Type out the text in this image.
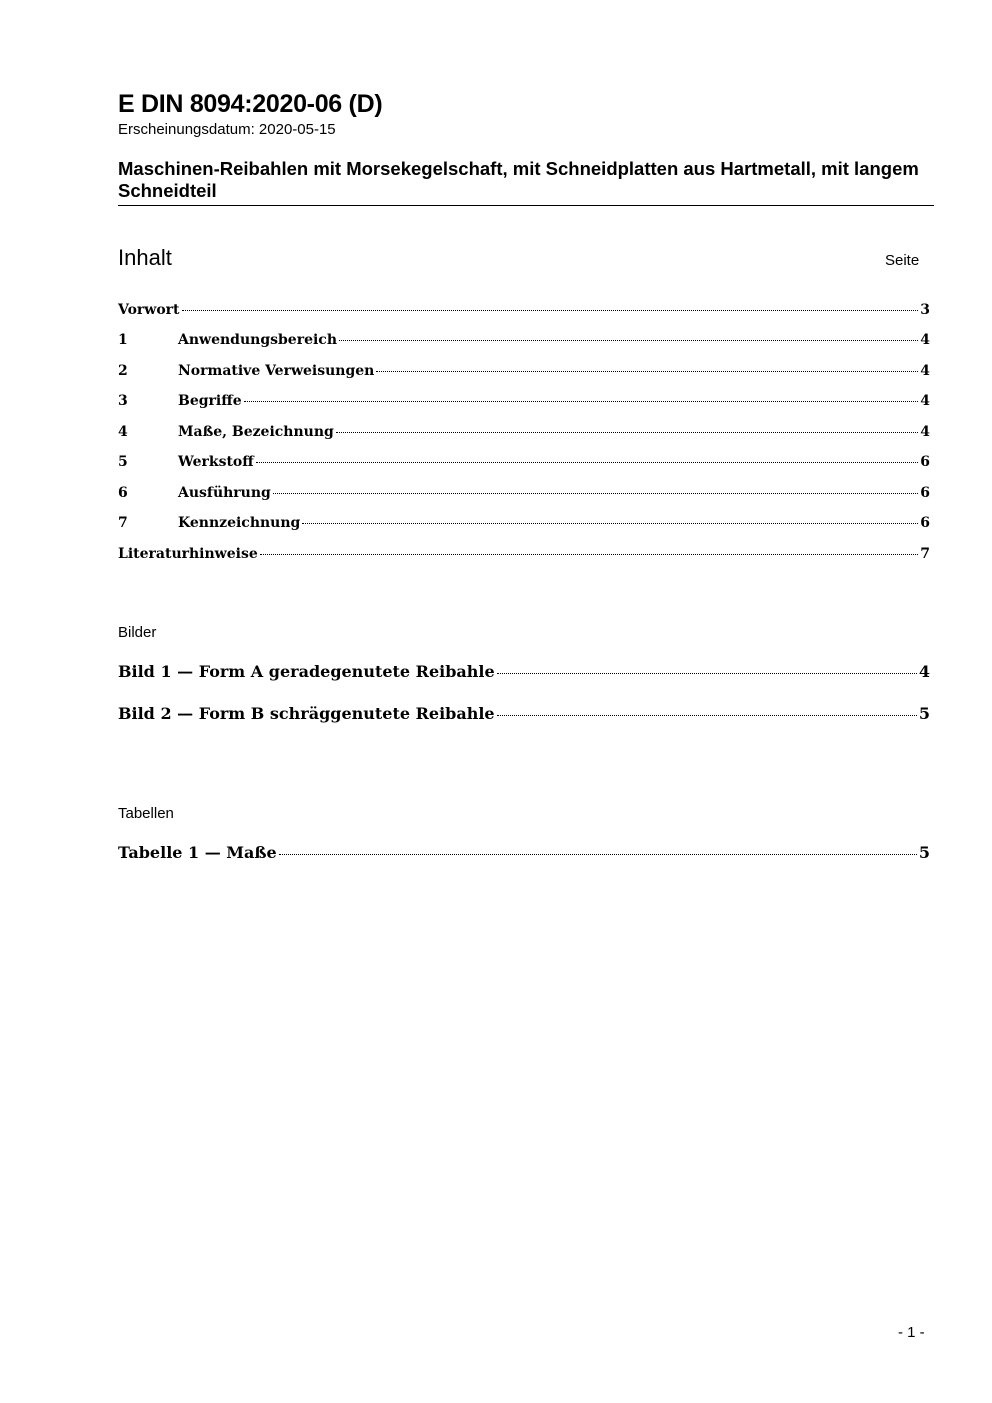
E DIN 8094:2020-06 (D)
Erscheinungsdatum: 2020-05-15
Maschinen-Reibahlen mit Morsekegelschaft, mit Schneidplatten aus Hartmetall, mit langem Schneidteil
Inhalt	Seite
Vorwort	3
1	Anwendungsbereich	4
2	Normative Verweisungen	4
3	Begriffe	4
4	Maße, Bezeichnung	4
5	Werkstoff	6
6	Ausführung	6
7	Kennzeichnung	6
Literaturhinweise	7
Bilder
Bild 1 — Form A geradegenutete Reibahle	4
Bild 2 — Form B schräggenutete Reibahle	5
Tabellen
Tabelle 1 — Maße	5
- 1 -
